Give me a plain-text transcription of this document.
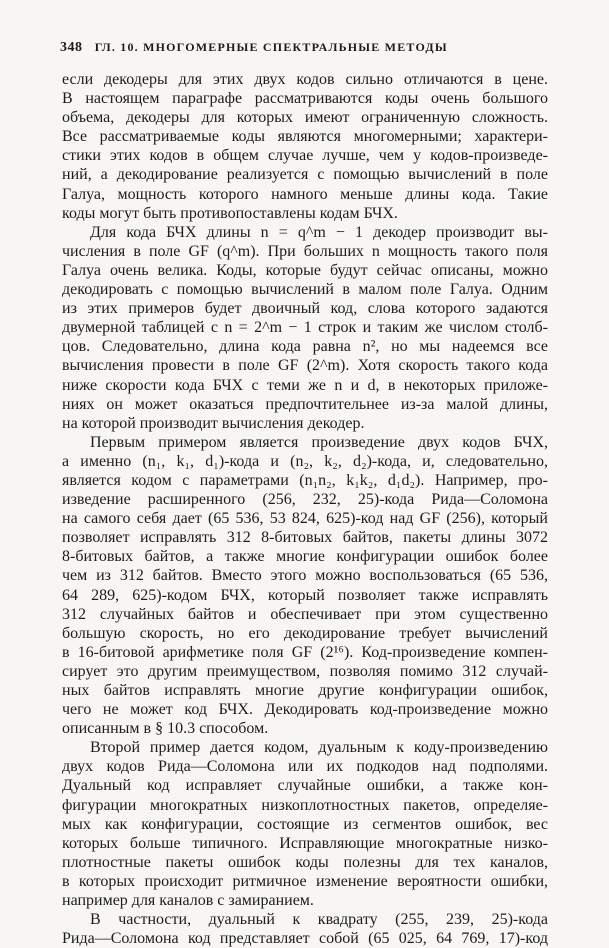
348 ГЛ. 10. МНОГОМЕРНЫЕ СПЕКТРАЛЬНЫЕ МЕТОДЫ

если декодеры для этих двух кодов сильно отличаются в цене.

В настоящем параграфе рассматриваются коды очень большого

объема, декодеры для которых имеют ограниченную сложность.

Все рассматриваемые коды являются многомерными; характери-

стики этих кодов в общем случае лучше, чем у кодов-произведе-

ний, а декодирование реализуется с помощью вычислений в поле

Галуа, мощность которого намного меньше длины кода. Такие

коды могут быть противопоставлены кодам БЧХ.

Для кода БЧХ длины n = q^m − 1 декодер производит вы-

числения в поле GF (q^m). При больших n мощность такого поля

Галуа очень велика. Коды, которые будут сейчас описаны, можно

декодировать с помощью вычислений в малом поле Галуа. Одним

из этих примеров будет двоичный код, слова которого задаются

двумерной таблицей с n = 2^m − 1 строк и таким же числом столб-

цов. Следовательно, длина кода равна n², но мы надеемся все

вычисления провести в поле GF (2^m). Хотя скорость такого кода

ниже скорости кода БЧХ с теми же n и d, в некоторых приложе-

ниях он может оказаться предпочтительнее из-за малой длины,

на которой производит вычисления декодер.

Первым примером является произведение двух кодов БЧХ,

а именно (n₁, k₁, d₁)-кода и (n₂, k₂, d₂)-кода, и, следовательно,

является кодом с параметрами (n₁n₂, k₁k₂, d₁d₂). Например, про-

изведение расширенного (256, 232, 25)-кода Рида—Соломона

на самого себя дает (65 536, 53 824, 625)-код над GF (256), который

позволяет исправлять 312 8-битовых байтов, пакеты длины 3072

8-битовых байтов, а также многие конфигурации ошибок более

чем из 312 байтов. Вместо этого можно воспользоваться (65 536,

64 289, 625)-кодом БЧХ, который позволяет также исправлять

312 случайных байтов и обеспечивает при этом существенно

большую скорость, но его декодирование требует вычислений

в 16-битовой арифметике поля GF (2¹⁶). Код-произведение компен-

сирует это другим преимуществом, позволяя помимо 312 случай-

ных байтов исправлять многие другие конфигурации ошибок,

чего не может код БЧХ. Декодировать код-произведение можно

описанным в § 10.3 способом.

Второй пример дается кодом, дуальным к коду-произведению

двух кодов Рида—Соломона или их подкодов над подполями.

Дуальный код исправляет случайные ошибки, а также кон-

фигурации многократных низкоплотностных пакетов, определяе-

мых как конфигурации, состоящие из сегментов ошибок, вес

которых больше типичного. Исправляющие многократные низко-

плотностные пакеты ошибок коды полезны для тех каналов,

в которых происходит ритмичное изменение вероятности ошибки,

например для каналов с замиранием.

В частности, дуальный к квадрату (255, 239, 25)-кода

Рида—Соломона код представляет собой (65 025, 64 769, 17)-код
